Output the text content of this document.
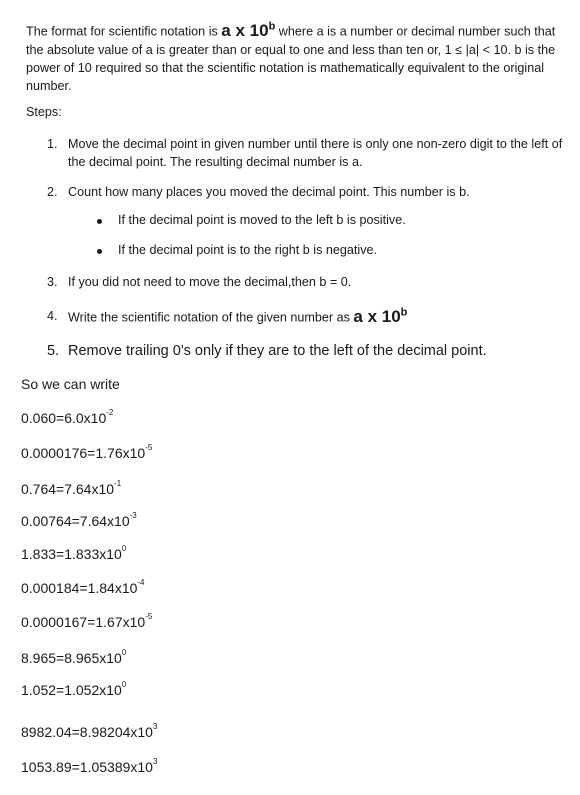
The format for scientific notation is a x 10$^b$ where a is a number or decimal number such that the absolute value of a is greater than or equal to one and less than ten or, 1 ≤ |a| < 10. b is the power of 10 required so that the scientific notation is mathematically equivalent to the original number.

Steps:

1. Move the decimal point in given number until there is only one non-zero digit to the left of the decimal point. The resulting decimal number is a.
2. Count how many places you moved the decimal point. This number is b.
If the decimal point is moved to the left b is positive.
If the decimal point is to the right b is negative.
3. If you did not need to move the decimal,then b = 0.
4. Write the scientific notation of the given number as a x 10$^b$
5. Remove trailing 0's only if they are to the left of the decimal point.
So we can write
$0.060=6.0x10^{-2}$
$0.0000176=1.76x10^{-5}$
$0.764=7.64x10^{-1}$
$0.00764=7.64x10^{-3}$
$1.833=1.833x10^0$
$0.000184=1.84x10^{-4}$
$0.0000167=1.67x10^{-5}$
$8.965=8.965x10^0$
$1.052=1.052x10^0$
$8982.04=8.98204x10^3$
$1053.89=1.05389x10^3$
